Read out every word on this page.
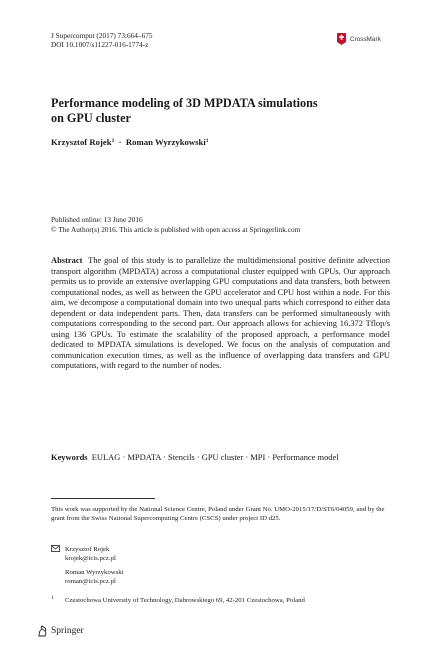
J Supercomput (2017) 73:664–675
DOI 10.1007/s11227-016-1774-z
CrossMark
Performance modeling of 3D MPDATA simulations
on GPU cluster
Krzysztof Rojek$^1$ · Roman Wyrzykowski$^1$
Published online: 13 June 2016
© The Author(s) 2016. This article is published with open access at Springerlink.com
Abstract The goal of this study is to parallelize the multidimensional positive definite advection transport algorithm (MPDATA) across a computational cluster equipped with GPUs. Our approach permits us to provide an extensive overlapping GPU computations and data transfers, both between computational nodes, as well as between the GPU accelerator and CPU host within a node. For this aim, we decompose a computational domain into two unequal parts which correspond to either data dependent or data independent parts. Then, data transfers can be performed simultaneously with computations corresponding to the second part. Our approach allows for achieving 16.372 Tflop/s using 136 GPUs. To estimate the scalability of the proposed approach, a performance model dedicated to MPDATA simulations is developed. We focus on the analysis of computation and communication execution times, as well as the influence of overlapping data transfers and GPU computations, with regard to the number of nodes.
Keywords EULAG · MPDATA · Stencils · GPU cluster · MPI · Performance model
This work was supported by the National Science Centre, Poland under Grant No. UMO-2015/17/D/ST6/04059, and by the grant from the Swiss National Supercomputing Centre (CSCS) under project ID d25.
Krzysztof Rojek
krojek@icis.pcz.pl
Roman Wyrzykowski
roman@icis.pcz.pl
1 Czestochowa University of Technology, Dabrowskiego 69, 42-201 Czestochowa, Poland
Springer
